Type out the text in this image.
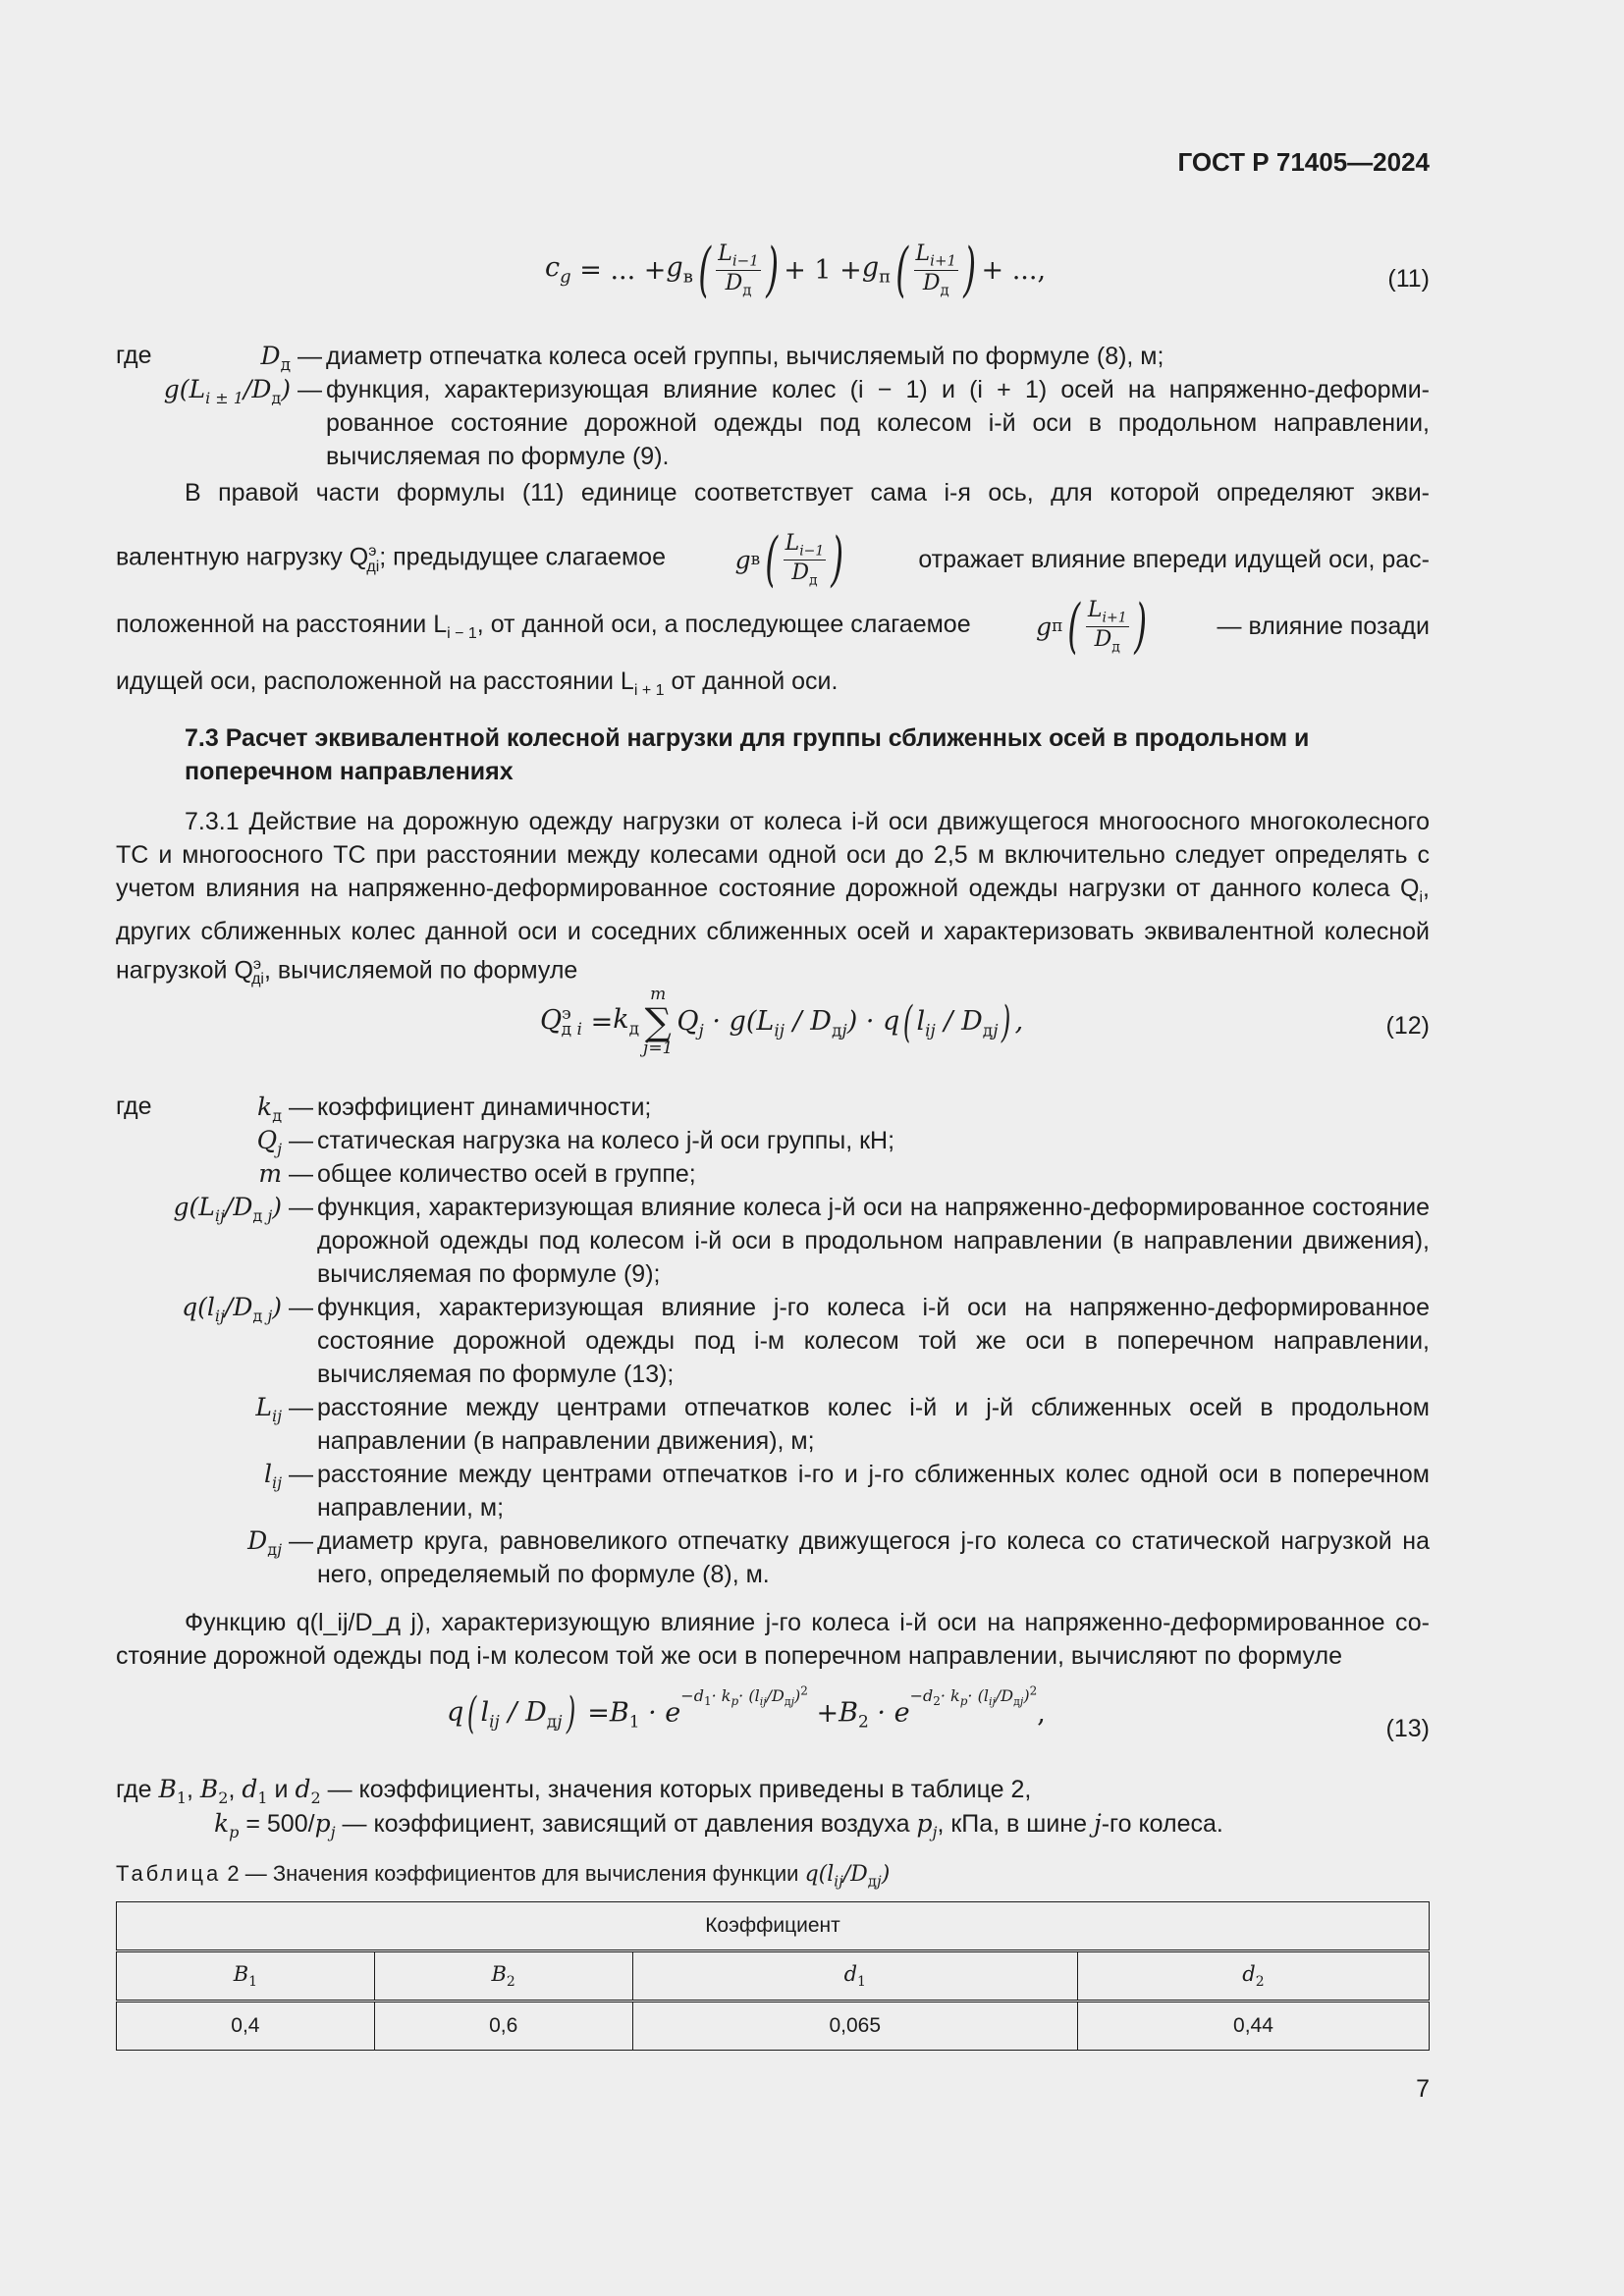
ГОСТ Р 71405—2024
$c_g$ = ... + $g_в$ ( $\frac{L_{i-1}}{D_д}$ ) + $1 + g_п$ ( $\frac{L_{i+1}}{D_д}$ ) + ...,	(11)
где	$D_д$ — диаметр отпечатка колеса осей группы, вычисляемый по формуле (8), м;
$g(L_{i \pm 1}/D_д)$ — функция, характеризующая влияние колес (i − 1) и (i + 1) осей на напряженно-деформированное состояние дорожной одежды под колесом i-й оси в продольном направлении, вычисляемая по формуле (9).
В правой части формулы (11) единице соответствует сама i-я ось, для которой определяют экви-
валентную нагрузку $Q^э_{дi}$; предыдущее слагаемое	g в ( $\frac{L_{i-1}}{D_д}$ )	отражает влияние впереди идущей оси, рас-
положенной на расстоянии $L_{i - 1}$, от данной оси, а последующее слагаемое	g п ( $\frac{L_{i+1}}{D_д}$ )	— влияние позади
идущей оси, расположенной на расстоянии $L_{i + 1}$ от данной оси.
7.3 Расчет эквивалентной колесной нагрузки для группы сближенных осей в продольном и поперечном направлениях
7.3.1 Действие на дорожную одежду нагрузки от колеса i-й оси движущегося многоосного многоколесного ТС и многоосного ТС при расстоянии между колесами одной оси до 2,5 м включительно следует определять с учетом влияния на напряженно-деформированное состояние дорожной одежды нагрузки от данного колеса $Q_i$, других сближенных колес данной оси и соседних сближенных осей и характеризовать эквивалентной колесной нагрузкой $Q^э_{дi}$, вычисляемой по формуле
$Q^э_{д i} = k_д$
m
∑
j=1
$Q_j \cdot g(L_{ij} / D_{дj}) \cdot q$( $l_{ij} / D_{дj}$) ,	(12)
где	$k_д$ — коэффициент динамичности;
$Q_j$ — статическая нагрузка на колесо j-й оси группы, кН;
m — общее количество осей в группе;
$g(L_{ij}/D_{д j})$ — функция, характеризующая влияние колеса j-й оси на напряженно-деформированное состояние дорожной одежды под колесом i-й оси в продольном направлении (в направлении движения), вычисляемая по формуле (9);
$q(l_{ij}/D_{д j})$ — функция, характеризующая влияние j-го колеса i-й оси на напряженно-деформированное состояние дорожной одежды под i-м колесом той же оси в поперечном направлении, вычисляемая по формуле (13);
$L_{ij}$ — расстояние между центрами отпечатков колес i-й и j-й сближенных осей в продольном направлении (в направлении движения), м;
$l_{ij}$ — расстояние между центрами отпечатков i-го и j-го сближенных колес одной оси в поперечном направлении, м;
$D_{дj}$ — диаметр круга, равновеликого отпечатку движущегося j-го колеса со статической нагрузкой на него, определяемый по формуле (8), м.
Функцию q(l_ij/D_д j), характеризующую влияние j-го колеса i-й оси на напряженно-деформированное состояние дорожной одежды под i-м колесом той же оси в поперечном направлении, вычисляют по формуле
q( $l_{ij} / D_{дj}) = B_1 \cdot e^{-d_1\cdot k_p\cdot (l_{ij}/D_{дj})^2}$
+ $B_2 \cdot e^{-d_2\cdot k_p\cdot (l_{ij}/D_{дj})^2}$
,	(13)
где $B_1$, $B_2$, $d_1$ и $d_2$ — коэффициенты, значения которых приведены в таблице 2,
$k_p = 500/p_j$ — коэффициент, зависящий от давления воздуха $p_j$, кПа, в шине j-го колеса.
Таблица 2 — Значения коэффициентов для вычисления функции $q(l_{ij}/D_{дj})$
Коэффициент			
$B_1$	$B_2$	$d_1$	$d_2$
0,4	0,6	0,065	0,44
7
